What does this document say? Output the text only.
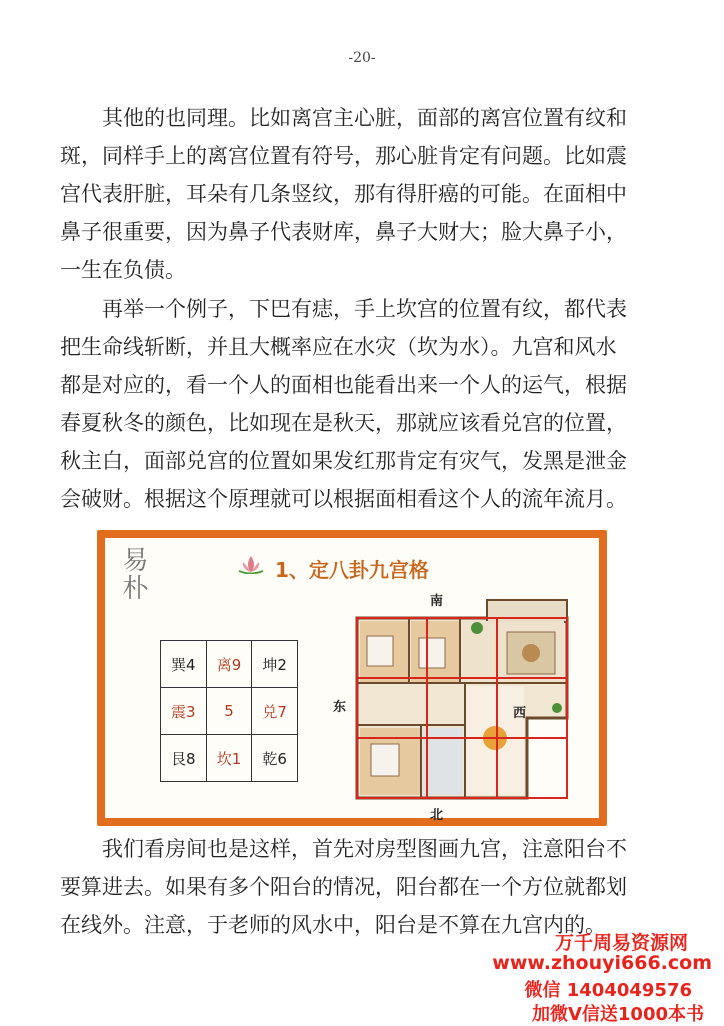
-20-
其他的也同理。比如离宫主心脏，面部的离宫位置有纹和
斑，同样手上的离宫位置有符号，那心脏肯定有问题。比如震
宫代表肝脏，耳朵有几条竖纹，那有得肝癌的可能。在面相中
鼻子很重要，因为鼻子代表财库，鼻子大财大；脸大鼻子小，
一生在负债。
再举一个例子，下巴有痣，手上坎宫的位置有纹，都代表
把生命线斩断，并且大概率应在水灾（坎为水）。九宫和风水
都是对应的，看一个人的面相也能看出来一个人的运气，根据
春夏秋冬的颜色，比如现在是秋天，那就应该看兑宫的位置，
秋主白，面部兑宫的位置如果发红那肯定有灾气，发黑是泄金
会破财。根据这个原理就可以根据面相看这个人的流年流月。
易朴	1、定八卦九宫格
巽4	离9	坤2
震3	5	兑7
艮8	坎1	乾6
南
东	西
北
我们看房间也是这样，首先对房型图画九宫，注意阳台不
要算进去。如果有多个阳台的情况，阳台都在一个方位就都划
在线外。注意，于老师的风水中，阳台是不算在九宫内的。
万千周易资源网
www.zhouyi666.com
微信 1404049576
加微V信送1000本书
